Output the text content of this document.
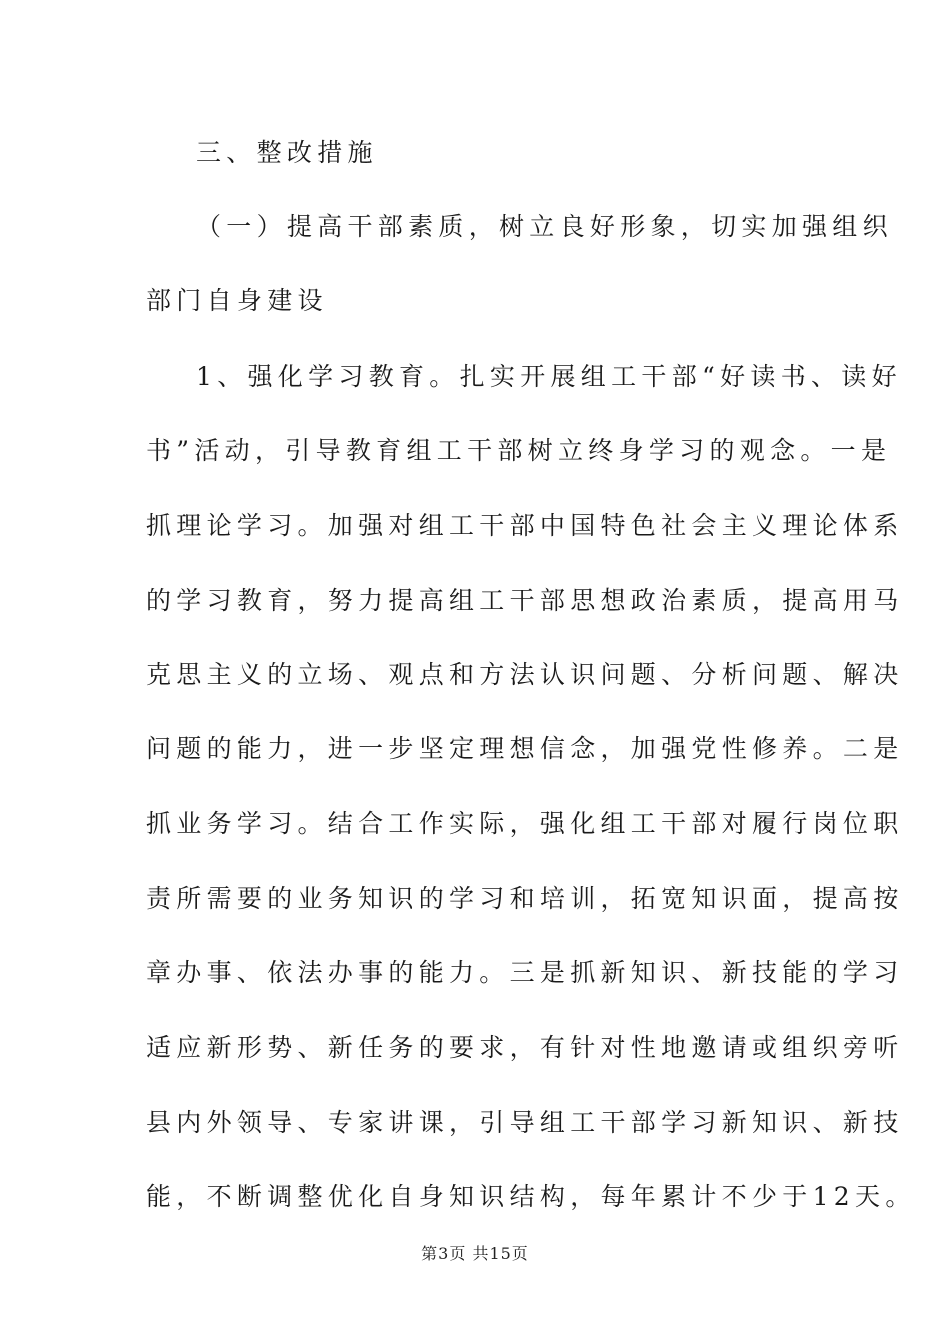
三、整改措施
（一）提高干部素质，树立良好形象，切实加强组织
部门自身建设
1、强化学习教育。扎实开展组工干部“好读书、读好
书”活动，引导教育组工干部树立终身学习的观念。一是
抓理论学习。加强对组工干部中国特色社会主义理论体系
的学习教育，努力提高组工干部思想政治素质，提高用马
克思主义的立场、观点和方法认识问题、分析问题、解决
问题的能力，进一步坚定理想信念，加强党性修养。二是
抓业务学习。结合工作实际，强化组工干部对履行岗位职
责所需要的业务知识的学习和培训，拓宽知识面，提高按
章办事、依法办事的能力。三是抓新知识、新技能的学习
适应新形势、新任务的要求，有针对性地邀请或组织旁听
县内外领导、专家讲课，引导组工干部学习新知识、新技
能，不断调整优化自身知识结构，每年累计不少于12天。
第3页 共15页
